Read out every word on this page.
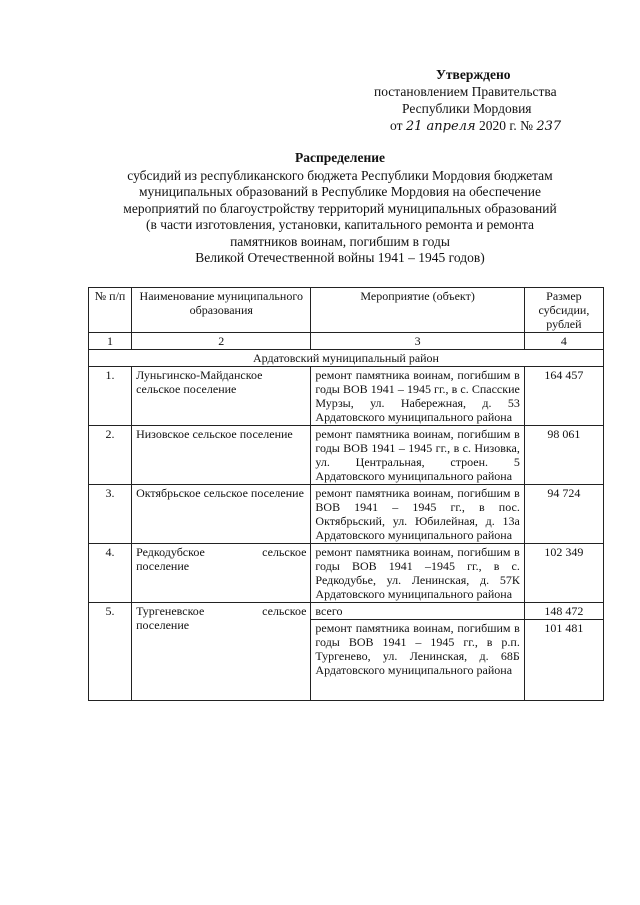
Утверждено
постановлением Правительства
Республики Мордовия
от 21 апреля 2020 г. № 237
Распределение
субсидий из республиканского бюджета Республики Мордовия бюджетам
муниципальных образований в Республике Мордовия на обеспечение
мероприятий по благоустройству территорий муниципальных образований
(в части изготовления, установки, капитального ремонта и ремонта
памятников воинам, погибшим в годы
Великой Отечественной войны 1941 – 1945 годов)
№ п/п	Наименование муниципального образования	Мероприятие (объект)	Размер субсидии, рублей
1	2	3	4
Ардатовский муниципальный район			
1.	Луньгинско-Майданское сельское поселение	ремонт памятника воинам, погибшим в годы ВОВ 1941 – 1945 гг., в с. Спасские Мурзы, ул. Набережная, д. 53 Ардатовского муниципального района	164 457
2.	Низовское сельское поселение	ремонт памятника воинам, погибшим в годы ВОВ 1941 – 1945 гг., в с. Низовка, ул. Центральная, строен. 5 Ардатовского муниципального района	98 061
3.	Октябрьское сельское поселение	ремонт памятника воинам, погибшим в ВОВ 1941 – 1945 гг., в пос. Октябрьский, ул. Юбилейная, д. 13а Ардатовского муниципального района	94 724
4.	Редкодубское сельское поселение	ремонт памятника воинам, погибшим в годы ВОВ 1941 –1945 гг., в с. Редкодубье, ул. Ленинская, д. 57К Ардатовского муниципального района	102 349
5.	Тургеневское сельское поселение	всего	148 472
		ремонт памятника воинам, погибшим в годы ВОВ 1941 – 1945 гг., в р.п. Тургенево, ул. Ленинская, д. 68Б Ардатовского муниципального района	101 481
